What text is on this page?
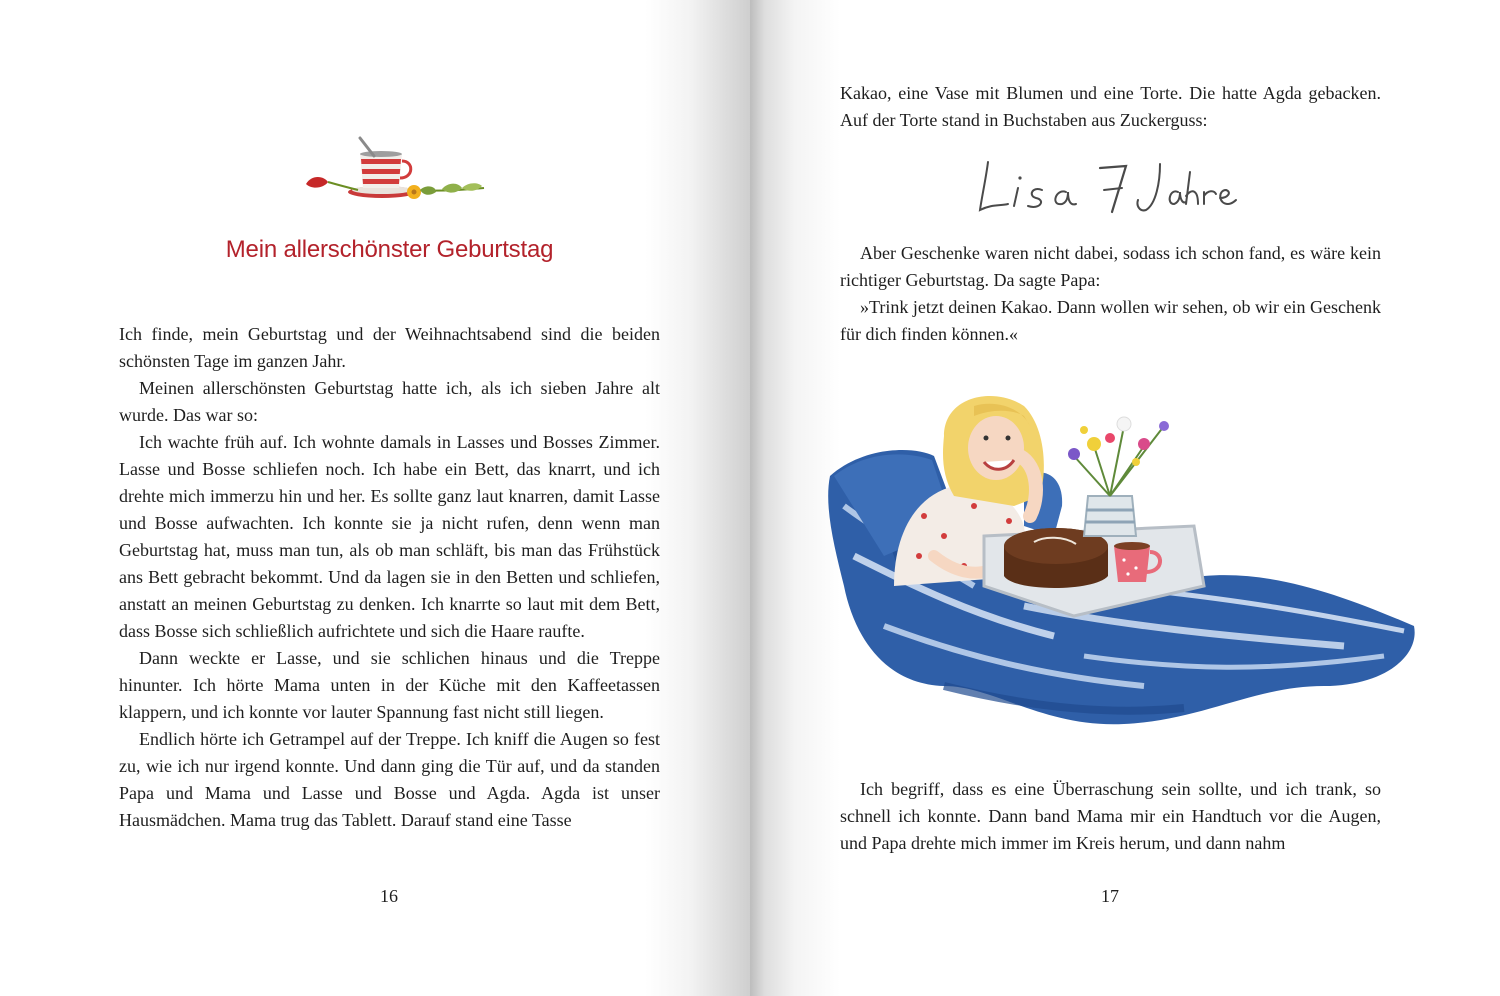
Mein allerschönster Geburtstag

Ich finde, mein Geburtstag und der Weihnachtsabend sind die beiden schönsten Tage im ganzen Jahr.

Meinen allerschönsten Geburtstag hatte ich, als ich sieben Jahre alt wurde. Das war so:

Ich wachte früh auf. Ich wohnte damals in Lasses und Bosses Zimmer. Lasse und Bosse schliefen noch. Ich habe ein Bett, das knarrt, und ich drehte mich immerzu hin und her. Es sollte ganz laut knarren, damit Lasse und Bosse aufwachten. Ich konnte sie ja nicht rufen, denn wenn man Geburtstag hat, muss man tun, als ob man schläft, bis man das Frühstück ans Bett gebracht bekommt. Und da lagen sie in den Betten und schliefen, anstatt an meinen Geburtstag zu denken. Ich knarrte so laut mit dem Bett, dass Bosse sich schließlich aufrichtete und sich die Haare raufte.

Dann weckte er Lasse, und sie schlichen hinaus und die Treppe hinunter. Ich hörte Mama unten in der Küche mit den Kaffeetassen klappern, und ich konnte vor lauter Spannung fast nicht still liegen.

Endlich hörte ich Getrampel auf der Treppe. Ich kniff die Augen so fest zu, wie ich nur irgend konnte. Und dann ging die Tür auf, und da standen Papa und Mama und Lasse und Bosse und Agda. Agda ist unser Hausmädchen. Mama trug das Tablett. Darauf stand eine Tasse

16

Kakao, eine Vase mit Blumen und eine Torte. Die hatte Agda gebacken. Auf der Torte stand in Buchstaben aus Zuckerguss:

Aber Geschenke waren nicht dabei, sodass ich schon fand, es wäre kein richtiger Geburtstag. Da sagte Papa:

»Trink jetzt deinen Kakao. Dann wollen wir sehen, ob wir ein Geschenk für dich finden können.«

Ich begriff, dass es eine Überraschung sein sollte, und ich trank, so schnell ich konnte. Dann band Mama mir ein Handtuch vor die Augen, und Papa drehte mich immer im Kreis herum, und dann nahm

17
